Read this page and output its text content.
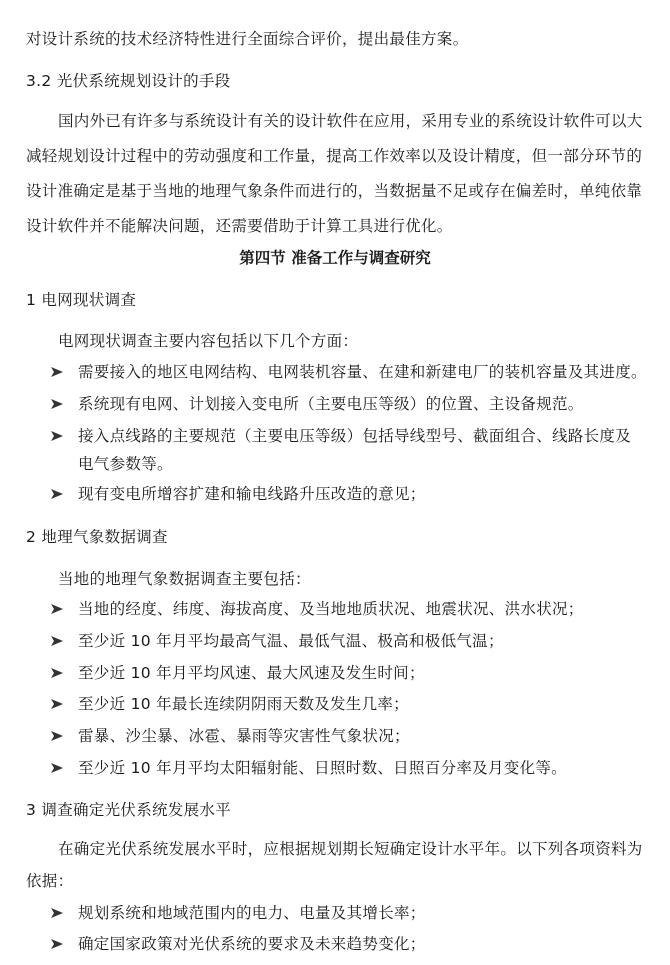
对设计系统的技术经济特性进行全面综合评价，提出最佳方案。
3.2 光伏系统规划设计的手段
国内外已有许多与系统设计有关的设计软件在应用，采用专业的系统设计软件可以大
减轻规划设计过程中的劳动强度和工作量，提高工作效率以及设计精度，但一部分环节的
设计准确定是基于当地的地理气象条件而进行的，当数据量不足或存在偏差时，单纯依靠
设计软件并不能解决问题，还需要借助于计算工具进行优化。
第四节 准备工作与调查研究
1 电网现状调查
电网现状调查主要内容包括以下几个方面：
需要接入的地区电网结构、电网装机容量、在建和新建电厂的装机容量及其进度。
系统现有电网、计划接入变电所（主要电压等级）的位置、主设备规范。
接入点线路的主要规范（主要电压等级）包括导线型号、截面组合、线路长度及
电气参数等。
现有变电所增容扩建和输电线路升压改造的意见；
2 地理气象数据调查
当地的地理气象数据调查主要包括：
当地的经度、纬度、海拔高度、及当地地质状况、地震状况、洪水状况；
至少近 10 年月平均最高气温、最低气温、极高和极低气温；
至少近 10 年月平均风速、最大风速及发生时间；
至少近 10 年最长连续阴阴雨天数及发生几率；
雷暴、沙尘暴、冰雹、暴雨等灾害性气象状况；
至少近 10 年月平均太阳辐射能、日照时数、日照百分率及月变化等。
3 调查确定光伏系统发展水平
在确定光伏系统发展水平时，应根据规划期长短确定设计水平年。以下列各项资料为
依据：
规划系统和地域范围内的电力、电量及其增长率；
确定国家政策对光伏系统的要求及未来趋势变化；
